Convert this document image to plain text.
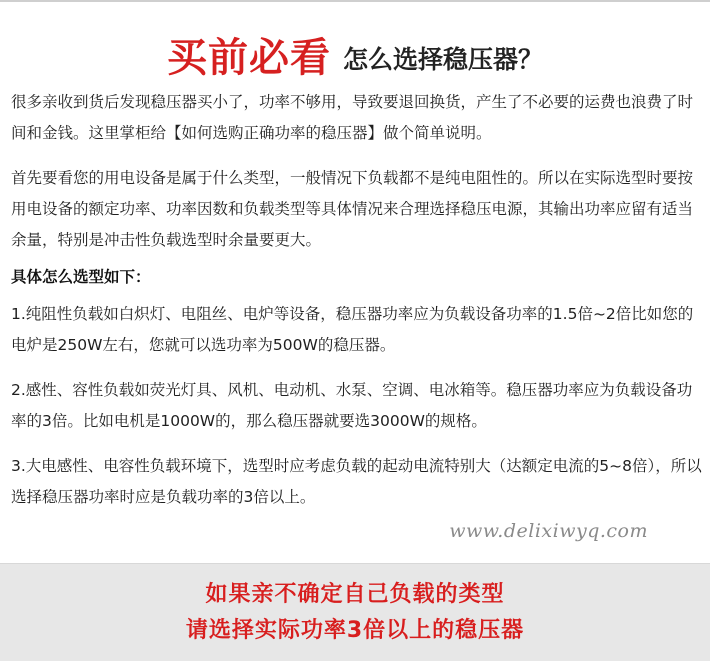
买前必看 怎么选择稳压器？

很多亲收到货后发现稳压器买小了，功率不够用，导致要退回换货，产生了不必要的运费也浪费了时间和金钱。这里掌柜给【如何选购正确功率的稳压器】做个简单说明。

首先要看您的用电设备是属于什么类型，一般情况下负载都不是纯电阻性的。所以在实际选型时要按用电设备的额定功率、功率因数和负载类型等具体情况来合理选择稳压电源，其输出功率应留有适当余量，特别是冲击性负载选型时余量要更大。

具体怎么选型如下：

1.纯阻性负载如白炽灯、电阻丝、电炉等设备，稳压器功率应为负载设备功率的1.5倍~2倍比如您的电炉是250W左右，您就可以选功率为500W的稳压器。

2.感性、容性负载如荧光灯具、风机、电动机、水泵、空调、电冰箱等。稳压器功率应为负载设备功率的3倍。比如电机是1000W的，那么稳压器就要选3000W的规格。

3.大电感性、电容性负载环境下，选型时应考虑负载的起动电流特别大（达额定电流的5~8倍），所以选择稳压器功率时应是负载功率的3倍以上。

www.delixiwyq.com
如果亲不确定自己负载的类型
请选择实际功率3倍以上的稳压器
